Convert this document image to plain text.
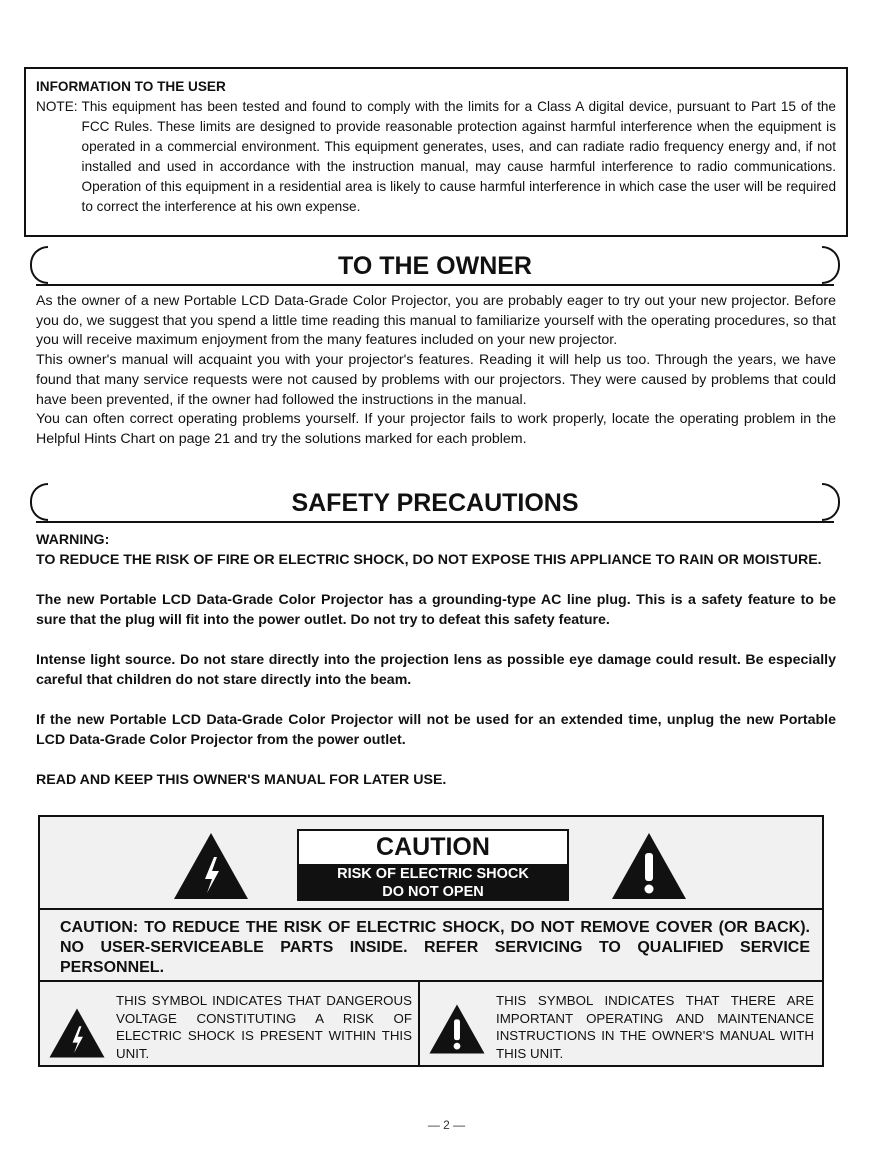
INFORMATION TO THE USER
NOTE: This equipment has been tested and found to comply with the limits for a Class A digital device, pursuant to Part 15 of the FCC Rules. These limits are designed to provide reasonable protection against harmful interference when the equipment is operated in a commercial environment. This equipment generates, uses, and can radiate radio frequency energy and, if not installed and used in accordance with the instruction manual, may cause harmful interference to radio communications. Operation of this equipment in a residential area is likely to cause harmful interference in which case the user will be required to correct the interference at his own expense.
TO THE OWNER

As the owner of a new Portable LCD Data-Grade Color Projector, you are probably eager to try out your new projector. Before you do, we suggest that you spend a little time reading this manual to familiarize yourself with the operating procedures, so that you will receive maximum enjoyment from the many features included on your new projector.

This owner's manual will acquaint you with your projector's features. Reading it will help us too. Through the years, we have found that many service requests were not caused by problems with our projectors. They were caused by problems that could have been prevented, if the owner had followed the instructions in the manual.

You can often correct operating problems yourself. If your projector fails to work properly, locate the operating problem in the Helpful Hints Chart on page 21 and try the solutions marked for each problem.

SAFETY PRECAUTIONS

WARNING:

TO REDUCE THE RISK OF FIRE OR ELECTRIC SHOCK, DO NOT EXPOSE THIS APPLIANCE TO RAIN OR MOISTURE.

The new Portable LCD Data-Grade Color Projector has a grounding-type AC line plug. This is a safety feature to be sure that the plug will fit into the power outlet. Do not try to defeat this safety feature.

Intense light source. Do not stare directly into the projection lens as possible eye damage could result. Be especially careful that children do not stare directly into the beam.

If the new Portable LCD Data-Grade Color Projector will not be used for an extended time, unplug the new Portable LCD Data-Grade Color Projector from the power outlet.

READ AND KEEP THIS OWNER'S MANUAL FOR LATER USE.

CAUTION
RISK OF ELECTRIC SHOCK
DO NOT OPEN
CAUTION: TO REDUCE THE RISK OF ELECTRIC SHOCK, DO NOT REMOVE COVER (OR BACK). NO USER-SERVICEABLE PARTS INSIDE. REFER SERVICING TO QUALIFIED SERVICE PERSONNEL.
THIS SYMBOL INDICATES THAT DANGEROUS VOLTAGE CONSTITUTING A RISK OF ELECTRIC SHOCK IS PRESENT WITHIN THIS UNIT.
THIS SYMBOL INDICATES THAT THERE ARE IMPORTANT OPERATING AND MAINTENANCE INSTRUCTIONS IN THE OWNER'S MANUAL WITH THIS UNIT.
— 2 —
